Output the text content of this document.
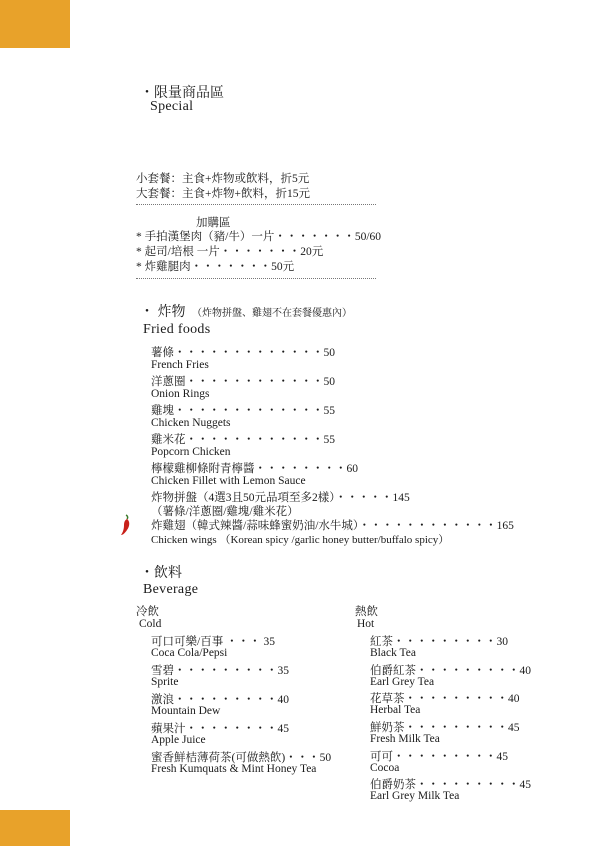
・限量商品區
Special
小套餐：主食+炸物或飲料，折5元
大套餐：主食+炸物+飲料，折15元
加購區
* 手拍漢堡肉（豬/牛）一片・・・・・・・50/60
* 起司/培根 一片・・・・・・・20元
* 炸雞腿肉・・・・・・・50元
・ 炸物 （炸物拼盤、雞翅不在套餐優惠內）
Fried foods
薯條・・・・・・・・・・・・・50
French Fries
洋蔥圈・・・・・・・・・・・・50
Onion Rings
雞塊・・・・・・・・・・・・・55
Chicken Nuggets
雞米花・・・・・・・・・・・・55
Popcorn Chicken
檸檬雞柳條附青檸醬・・・・・・・・60
Chicken Fillet with Lemon Sauce
炸物拼盤（4選3且50元品項至多2樣）・・・・・145
（薯條/洋蔥圈/雞塊/雞米花）
炸雞翅（韓式辣醬/蒜味蜂蜜奶油/水牛城）・・・・・・・・・・・・165
Chicken wings （Korean spicy /garlic honey butter/buffalo spicy）
・飲料
Beverage
冷飲
Cold
可口可樂/百事 ・・・ 35
Coca Cola/Pepsi
雪碧・・・・・・・・・35
Sprite
激浪・・・・・・・・・40
Mountain Dew
蘋果汁・・・・・・・・45
Apple Juice
蜜香鮮桔薄荷茶(可做熱飲)・・・50
Fresh Kumquats & Mint Honey Tea
熱飲
Hot
紅茶・・・・・・・・・30
Black Tea
伯爵紅茶・・・・・・・・・40
Earl Grey Tea
花草茶・・・・・・・・・40
Herbal Tea
鮮奶茶・・・・・・・・・45
Fresh Milk Tea
可可・・・・・・・・・45
Cocoa
伯爵奶茶・・・・・・・・・45
Earl Grey Milk Tea
